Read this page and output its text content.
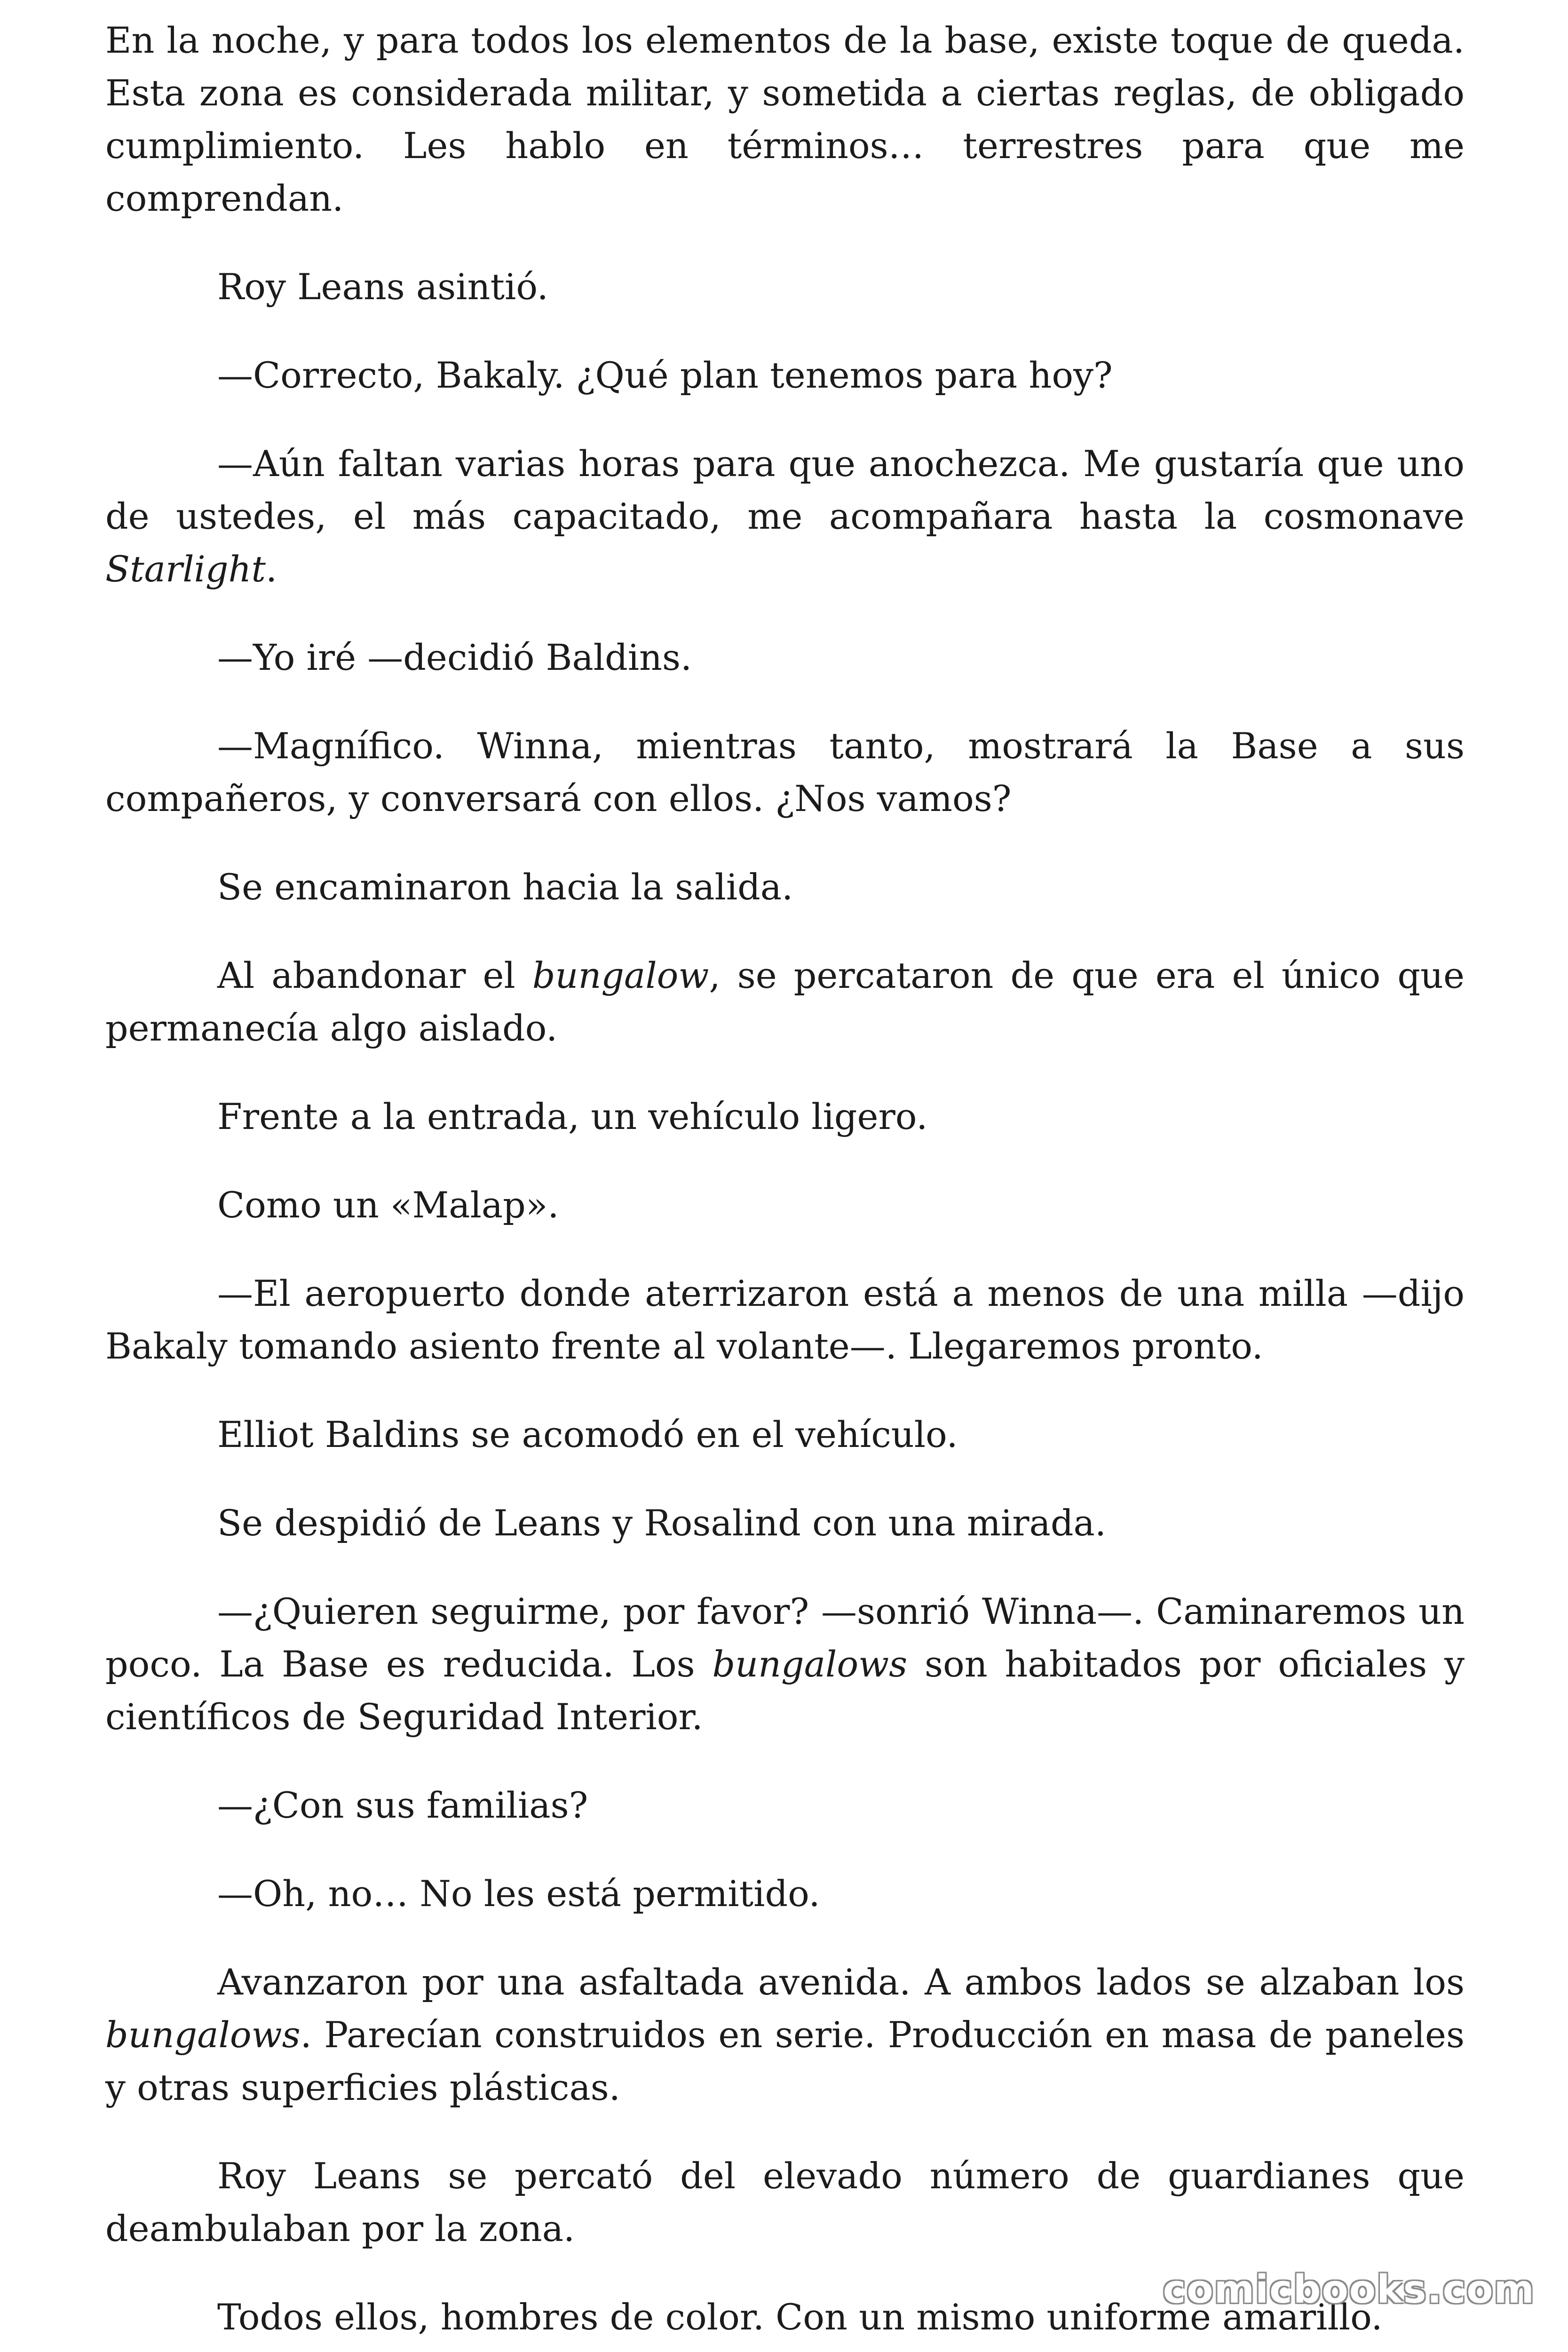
En la noche, y para todos los elementos de la base, existe toque de queda. Esta zona es considerada militar, y sometida a ciertas reglas, de obligado cumplimiento. Les hablo en términos… terrestres para que me comprendan.

Roy Leans asintió.

—Correcto, Bakaly. ¿Qué plan tenemos para hoy?

—Aún faltan varias horas para que anochezca. Me gustaría que uno de ustedes, el más capacitado, me acompañara hasta la cosmonave Starlight.

—Yo iré —decidió Baldins.

—Magnífico. Winna, mientras tanto, mostrará la Base a sus compañeros, y conversará con ellos. ¿Nos vamos?

Se encaminaron hacia la salida.

Al abandonar el bungalow, se percataron de que era el único que permanecía algo aislado.

Frente a la entrada, un vehículo ligero.

Como un «Malap».

—El aeropuerto donde aterrizaron está a menos de una milla —dijo Bakaly tomando asiento frente al volante—. Llegaremos pronto.

Elliot Baldins se acomodó en el vehículo.

Se despidió de Leans y Rosalind con una mirada.

—¿Quieren seguirme, por favor? —sonrió Winna—. Caminaremos un poco. La Base es reducida. Los bungalows son habitados por oficiales y científicos de Seguridad Interior.

—¿Con sus familias?

—Oh, no… No les está permitido.

Avanzaron por una asfaltada avenida. A ambos lados se alzaban los bungalows. Parecían construidos en serie. Producción en masa de paneles y otras superficies plásticas.

Roy Leans se percató del elevado número de guardianes que deambulaban por la zona.

Todos ellos, hombres de color. Con un mismo uniforme amarillo.

comicbooks.com
